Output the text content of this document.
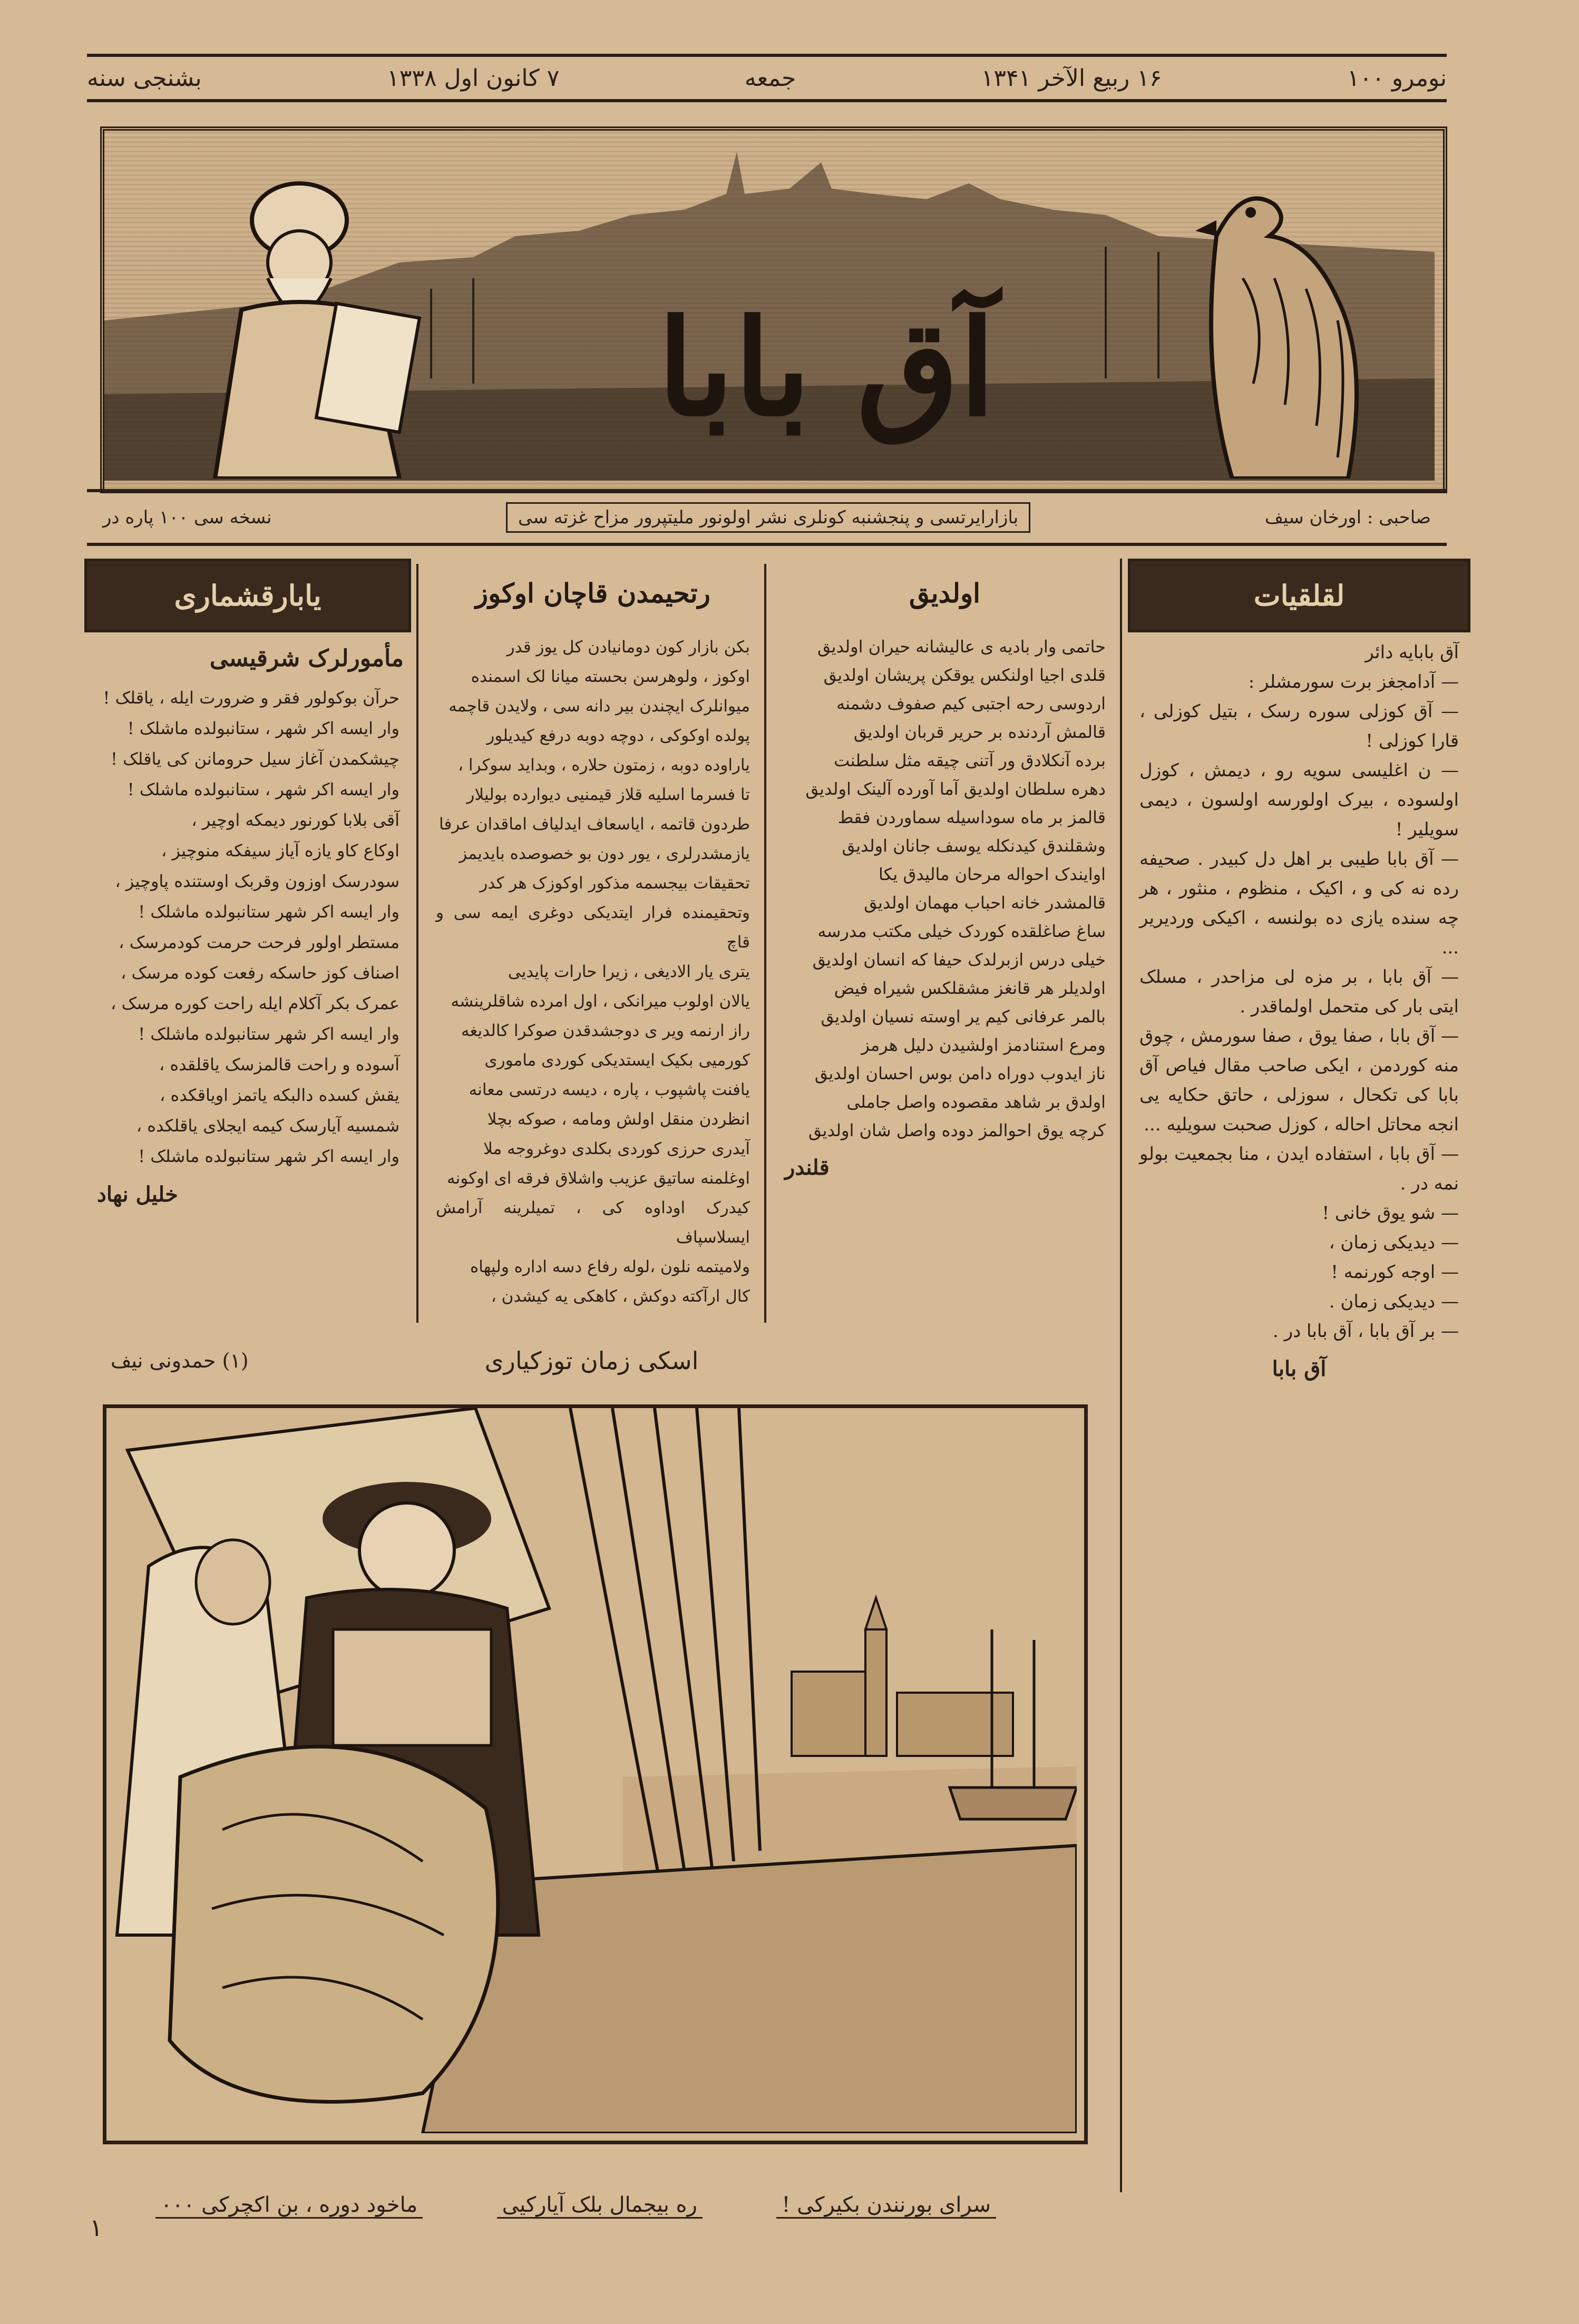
نومرو ۱۰۰
۱۶ ربیع الآخر ۱۳۴۱
جمعه
۷ کانون اول ۱۳۳۸
بشنجی سنه
آق بابا
صاحبی : اورخان سیف
بازارایرتسی و پنجشنبه کونلری نشر اولونور ملیتپرور مزاح غزته سی
نسخه سی ۱۰۰ پاره در
لقلقیات
آق بابایه دائر
— آدامجغز برت سورمشلر :
— آق کوزلی سوره رسک ، بتیل کوزلی ، قارا کوزلی !
— ن اغلیسی سویه رو ، دیمش ، کوزل اولسوده ، بیرک اولورسه اولسون ، دیمی سویلیر !
— آق بابا طیبی بر اهل دل کبیدر . صحیفه رده نه کی و ، اکیک ، منظوم ، منثور ، هر چه سنده یازی ده بولنسه ، اکیکی وردیریر ...
— آق بابا ، بر مزه لی مزاحدر ، مسلک ایتی بار کی متحمل اولماقدر .
— آق بابا ، صفا یوق ، صفا سورمش ، چوق منه کوردمن ، ایکی صاحب مقال فیاص آق بابا کی تکحال ، سوزلی ، حاتق حکایه یی انجه محاتل احاله ، کوزل صحبت سویلیه ...
— آق بابا ، استفاده ایدن ، منا بجمعیت بولو نمه در .
— شو یوق خانی !
— دیدیکی زمان ،
— اوجه کورنمه !
— دیدیکی زمان .
— بر آق بابا ، آق بابا در .
آق بابا
اولدیق
حاتمی وار بادیه ی عالیشانه حیران اولدیق
قلدی اجیا اولنکس یوقکن پریشان اولدیق
اردوسی رحه اجتبی کیم صفوف دشمنه
قالمش آردنده بر حریر قربان اولدیق
برده آنکلادق ور آتنی چیقه مثل سلطنت
دهره سلطان اولدیق آما آورده آلینک اولدیق
قالمز بر ماه سوداسیله سماوردن فقط
وشقلندق کیدنکله یوسف جانان اولدیق
اوایندک احواله مرحان مالیدق یکا
قالمشدر خانه احباب مهمان اولدیق
ساغ صاغلقده کوردک خیلی مکتب مدرسه
خیلی درس ازبرلدک حیفا که انسان اولدیق
اولدیلر هر قانغز مشقلکس شیراه فیض
بالمر عرفانی کیم یر اوسته نسیان اولدیق
ومرع استنادمز اولشیدن دلیل هرمز
ناز ایدوب دوراه دامن بوس احسان اولدیق
اولدق بر شاهد مقصوده واصل جاملی
کرچه یوق احوالمز دوده واصل شان اولدیق
قلندر
رتحیمدن قاچان اوکوز
بکن بازار کون دومانیادن کل یوز قدر
اوکوز ، ولوهرسن بحسته میانا لک اسمنده
میوانلرک ایچندن بیر دانه سی ، ولایدن قاچمه
پولده اوکوکی ، دوچه دوبه درفع کیدیلور
یاراوده دوبه ، زمتون حلاره ، وبداید سوکرا ،
تا فسرما اسلیه قلاز قیمنیی دیوارده بولیلار
طردون قاتمه ، ایاسعاف ایدلیاف اماقدان عرفا
یازمشدرلری ، یور دون بو خصوصده بایدیمز
تحقیقات بیجسمه مذکور اوکوزک هر کدر
وتحقیمنده فرار ایتدیکی دوغری ایمه سی و قاچ
یتری یار الادیغی ، زیرا حارات پایدیی
یالان اولوب میرانکی ، اول امرده شاقلرینشه
راز ارنمه ویر ی دوجشدقدن صوکرا کالدیغه
کورمیی بکیک ایستدیکی کوردی ماموری
یافنت پاشپوب ، پاره ، دیسه درتسی معانه
انظردن منقل اولش ومامه ، صوکه بچلا
آیدری حرزی کوردی بکلدی دوغروجه ملا
اوغلمنه ساتیق عزیب واشلاق فرقه ای اوکونه
کیدرک اوداوه کی ، تمیلرینه آرامش ایسلاسپاف
ولامیتمه نلون ،لوله رفاع دسه اداره ولپهاه
کال ارآکته دوکش ، کاهکی یه کیشدن ،
یابارقشماری
مأمورلرک شرقیسی
حرآن بوکولور فقر و ضرورت ایله ، یاقلک !
وار ایسه اکر شهر ، ستانبولده ماشلک !
چیشکمدن آغاز سیل حرومانن کی یاقلک !
وار ایسه اکر شهر ، ستانبولده ماشلک !
آقی بلابا کورنور دیمکه اوچیر ،
اوکاع کاو یازه آیاز سیفکه منوچیز ،
سودرسک اوزون وقربک اوستنده پاوچیز ،
وار ایسه اکر شهر ستانبولده ماشلک !
مستطر اولور فرحت حرمت کودمرسک ،
اصناف کوز حاسکه رفعت کوده مرسک ،
عمرک بکر آکلام ایله راحت کوره مرسک ،
وار ایسه اکر شهر ستانبولده ماشلک !
آسوده و راحت قالمزسک یاقلقده ،
یقش کسده دالبکه یاتمز اویاقکده ،
شمسیه آیارسک کیمه ایجلای یاقلکده ،
وار ایسه اکر شهر ستانبولده ماشلک !
خلیل نهاد
اسکی زمان توزکیاری
(۱) حمدونی نیف
سرای بورنندن بکیرکی !
ره بیجمال بلک آیارکیی
ماخود دوره ، بن اکچرکی ۰۰۰
۱
